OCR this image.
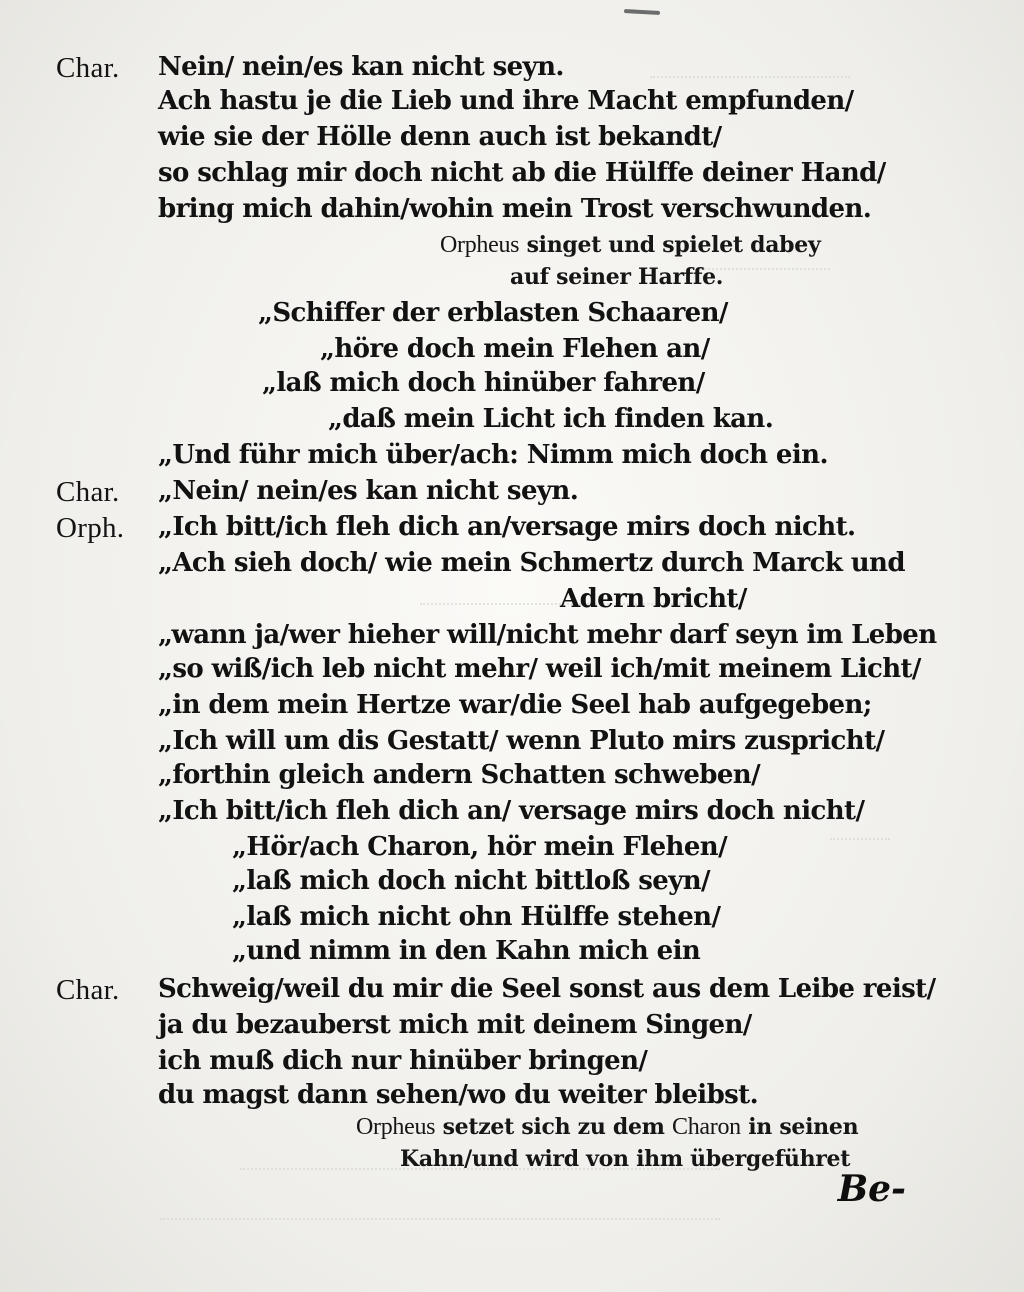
Char. Nein/ nein/es kan nicht seyn.
Ach hastu je die Lieb und ihre Macht empfunden/
wie sie der Hölle denn auch ist bekandt/
so schlag mir doch nicht ab die Hülffe deiner Hand/
bring mich dahin/wohin mein Trost verschwunden.
Orpheus singet und spielet dabey
auf seiner Harffe.
„Schiffer der erblasten Schaaren/
„höre doch mein Flehen an/
„laß mich doch hinüber fahren/
„daß mein Licht ich finden kan.
„Und führ mich über/ach: Nimm mich doch ein.
Char. „Nein/ nein/es kan nicht seyn.
Orph. „Ich bitt/ich fleh dich an/versage mirs doch nicht.
„Ach sieh doch/ wie mein Schmertz durch Marck und
Adern bricht/
„wann ja/wer hieher will/nicht mehr darf seyn im Leben
„so wiß/ich leb nicht mehr/ weil ich/mit meinem Licht/
„in dem mein Hertze war/die Seel hab aufgegeben;
„Ich will um dis Gestatt/ wenn Pluto mirs zuspricht/
„forthin gleich andern Schatten schweben/
„Ich bitt/ich fleh dich an/ versage mirs doch nicht/
„Hör/ach Charon, hör mein Flehen/
„laß mich doch nicht bittloß seyn/
„laß mich nicht ohn Hülffe stehen/
„und nimm in den Kahn mich ein
Char. Schweig/weil du mir die Seel sonst aus dem Leibe reist/
ja du bezauberst mich mit deinem Singen/
ich muß dich nur hinüber bringen/
du magst dann sehen/wo du weiter bleibst.
Orpheus setzet sich zu dem Charon in seinen
Kahn/und wird von ihm übergeführet
Be-
